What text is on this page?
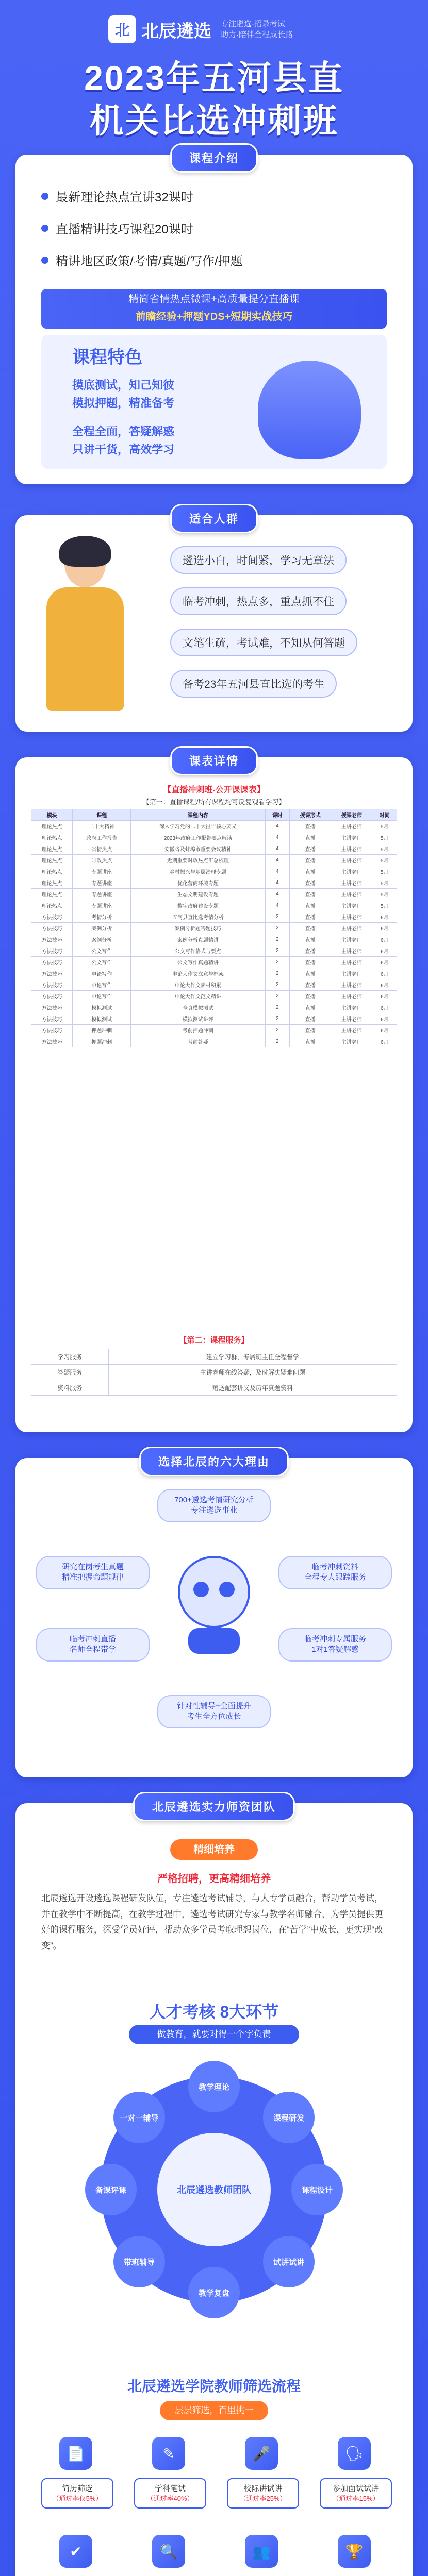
北 北辰遴选 专注遴选·招录考试
助力·陪伴全程成长路
2023年五河县直
机关比选冲刺班
课程介绍
最新理论热点宣讲32课时
直播精讲技巧课程20课时
精讲地区政策/考情/真题/写作/押题
精简省情热点微课+高质量提分直播课
前瞻经验+押题YDS+短期实战技巧
课程特色
摸底测试，知己知彼
模拟押题，精准备考
全程全面，答疑解惑
只讲干货，高效学习
适合人群
遴选小白，时间紧，学习无章法
临考冲刺，热点多，重点抓不住
文笔生疏，考试难，不知从何答题
备考23年五河县直比选的考生
课表详情
【直播冲刺班-公开课课表】
【第一：直播课程/所有课程均可反复观看学习】
模块	课程	课程内容	课时	授课形式	授课老师	时间
理论热点	二十大精神	深入学习党的二十大报告核心要义	4	直播	主讲老师	5月
理论热点	政府工作报告	2023年政府工作报告要点解读	4	直播	主讲老师	5月
理论热点	省情热点	安徽省及蚌埠市重要会议精神	4	直播	主讲老师	5月
理论热点	时政热点	近期重要时政热点汇总梳理	4	直播	主讲老师	5月
理论热点	专题讲座	乡村振兴与基层治理专题	4	直播	主讲老师	5月
理论热点	专题讲座	优化营商环境专题	4	直播	主讲老师	5月
理论热点	专题讲座	生态文明建设专题	4	直播	主讲老师	5月
理论热点	专题讲座	数字政府建设专题	4	直播	主讲老师	5月
方法技巧	考情分析	五河县直比选考情分析	2	直播	主讲老师	6月
方法技巧	案例分析	案例分析题答题技巧	2	直播	主讲老师	6月
方法技巧	案例分析	案例分析真题精讲	2	直播	主讲老师	6月
方法技巧	公文写作	公文写作格式与要点	2	直播	主讲老师	6月
方法技巧	公文写作	公文写作真题精讲	2	直播	主讲老师	6月
方法技巧	申论写作	申论大作文立意与框架	2	直播	主讲老师	6月
方法技巧	申论写作	申论大作文素材积累	2	直播	主讲老师	6月
方法技巧	申论写作	申论大作文范文精讲	2	直播	主讲老师	6月
方法技巧	模拟测试	全真模拟测试	2	直播	主讲老师	6月
方法技巧	模拟测试	模拟测试讲评	2	直播	主讲老师	6月
方法技巧	押题冲刺	考前押题冲刺	2	直播	主讲老师	6月
方法技巧	押题冲刺	考前答疑	2	直播	主讲老师	6月
【第二：课程服务】
学习服务	建立学习群，专属班主任全程督学
答疑服务	主讲老师在线答疑，及时解决疑难问题
资料服务	赠送配套讲义及历年真题资料
选择北辰的六大理由
700+遴选考情研究分析
专注遴选事业
研究在岗考生真题
精准把握命题规律
临考冲刺资料
全程专人跟踪服务
临考冲刺直播
名师全程带学
临考冲刺专属服务
1对1答疑解惑
针对性辅导+全面提升
考生全方位成长
北辰遴选实力师资团队
精细培养
严格招聘，更高精细培养
北辰遴选开设遴选课程研发队伍，专注遴选考试辅导，与大专学员融合，帮助学员考试，并在教学中不断提高，在教学过程中，遴选考试研究专家与教学名师融合，为学员提供更好的课程服务，深受学员好评，帮助众多学员考取理想岗位，在“苦学”中成长，更实现“改变”。
人才考核 8大环节
做教育，就要对得一个字负责
北辰遴选教师团队
教学理论
课程研发
课程设计
试讲试讲
教学复盘
带班辅导
备课评课
一对一辅导
北辰遴选学院教师筛选流程
层层筛选，百里挑一
📄
简历筛选
（通过率仅5%）
✎
学科笔试
（通过率40%）
🎤
校际讲试讲
（通过率25%）
🗣
参加面试试讲
（通过率15%）
🏆
👥
🔍
✔
